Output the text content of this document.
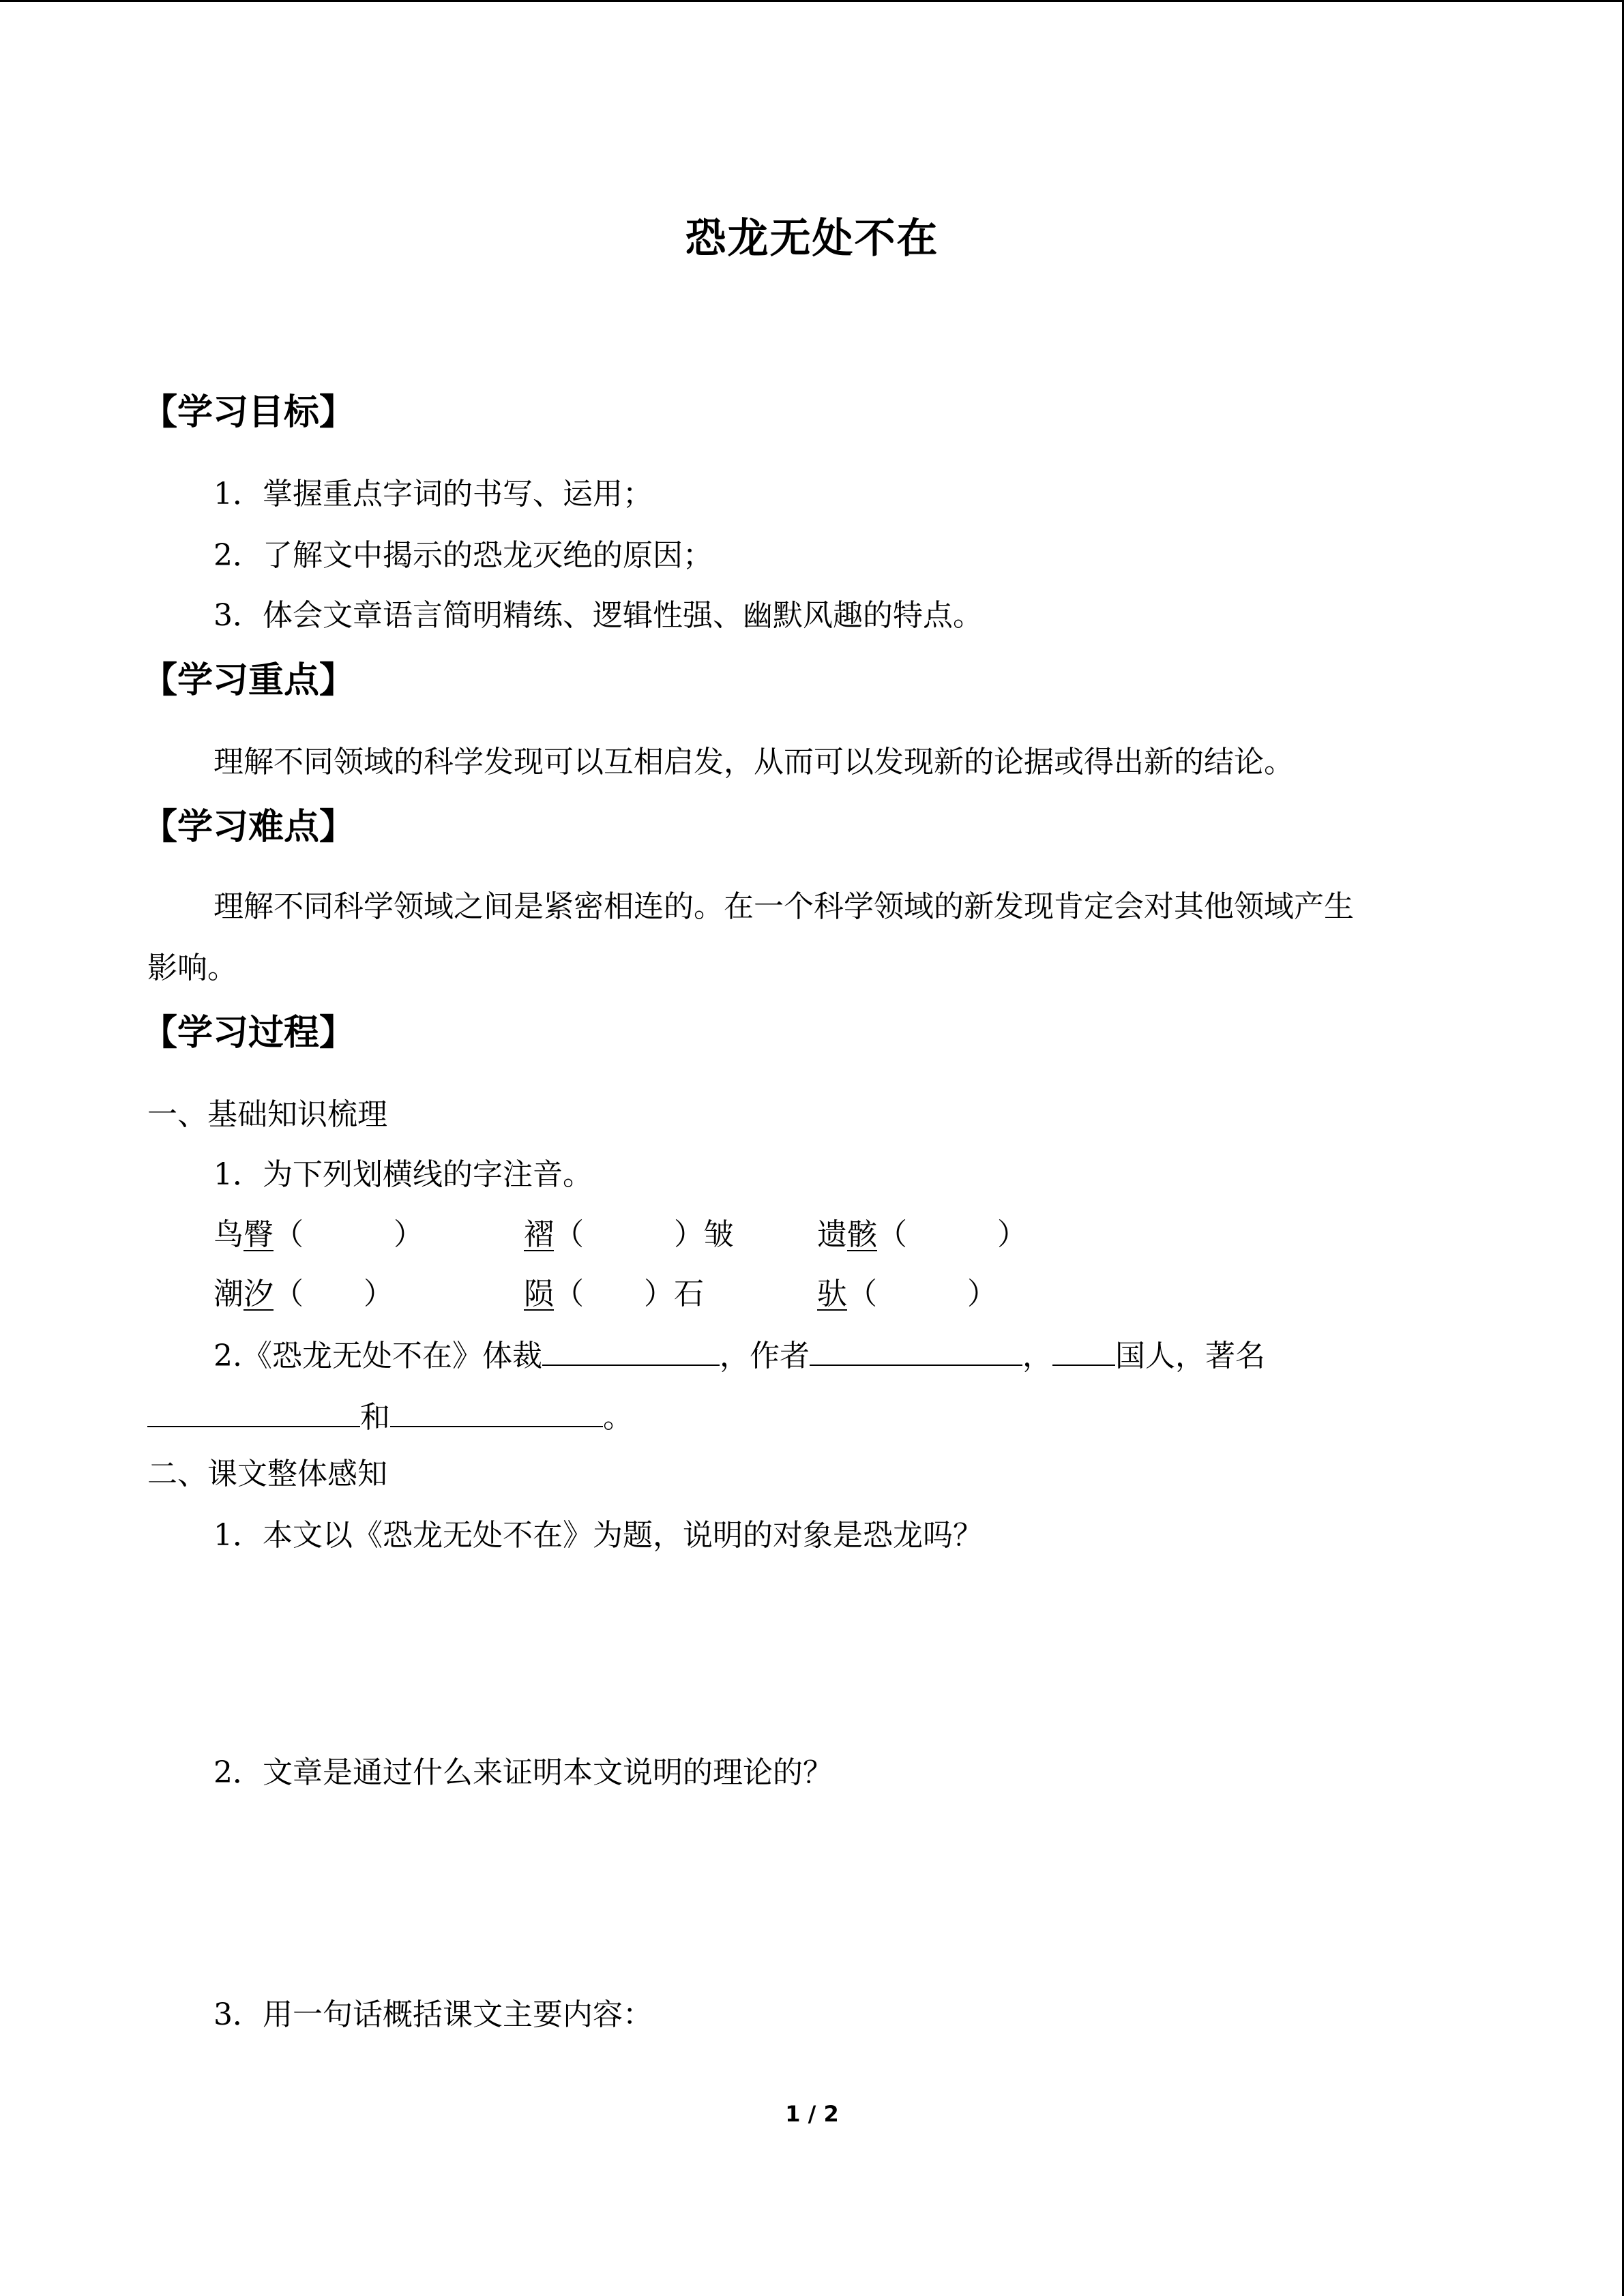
恐龙无处不在
【学习目标】
1．掌握重点字词的书写、运用；
2．了解文中揭示的恐龙灭绝的原因；
3．体会文章语言简明精练、逻辑性强、幽默风趣的特点。
【学习重点】
理解不同领域的科学发现可以互相启发，从而可以发现新的论据或得出新的结论。
【学习难点】
理解不同科学领域之间是紧密相连的。在一个科学领域的新发现肯定会对其他领域产生
影响。
【学习过程】
一、基础知识梳理
1．为下列划横线的字注音。
鸟臀（　　　）	褶（　　　）皱	遗骸（　　　）
潮汐（　　）	陨（　　）石	驮（　　　）
2.《恐龙无处不在》体裁	，作者	， 国人，著名
和	。
二、课文整体感知
1．本文以《恐龙无处不在》为题，说明的对象是恐龙吗？
2．文章是通过什么来证明本文说明的理论的？
3．用一句话概括课文主要内容：
1 / 2
